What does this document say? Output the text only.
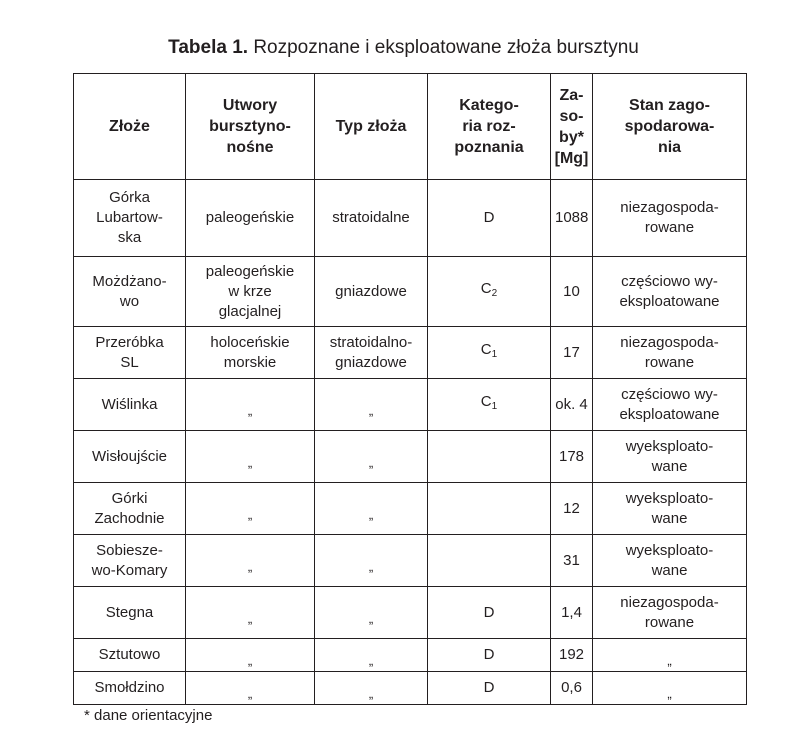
Tabela 1. Rozpoznane i eksploatowane złoża bursztynu
Złoże	Utwory
bursztyno-
nośne	Typ złoża	Katego-
ria roz-
poznania	Za-
so-
by*
[Mg]	Stan zago-
spodarowa-
nia

Górka
Lubartow-
ska	paleogeńskie	stratoidalne	D	1088	niezagospoda-
rowane

Możdżano-
wo	paleogeńskie
w krze
glacjalnej	gniazdowe	$C_2$	10	częściowo wy-
eksploatowane

Przeróbka
SL	holoceńskie
morskie	stratoidalno-
gniazdowe	$C_1$	17	niezagospoda-
rowane

Wiślinka	„	„	$C_1$	ok. 4	częściowo wy-
eksploatowane

Wisłoujście	„	„		178	wyeksploato-
wane

Górki
Zachodnie	„	„		12	wyeksploato-
wane

Sobiesze-
wo-Komary	„	„		31	wyeksploato-
wane

Stegna	„	„	D	1,4	niezagospoda-
rowane

Sztutowo	„	„	D	192	„

Smołdzino	„	„	D	0,6	„
* dane orientacyjne
